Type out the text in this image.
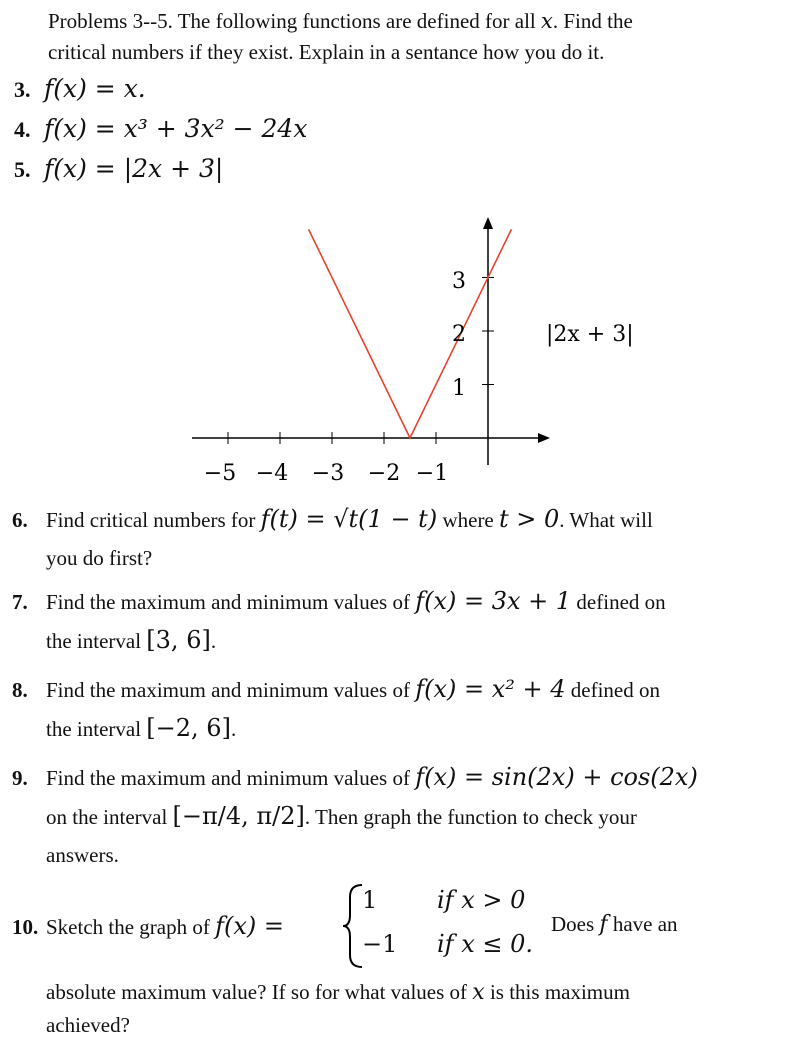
Problems 3--5. The following functions are defined for all x. Find the
critical numbers if they exist. Explain in a sentance how you do it.
3. f(x) = x.
4. f(x) = x³ + 3x² − 24x
5. f(x) = |2x + 3|
−5 −4 −3 −2 −1
1
2
3
|2x + 3|
6. Find critical numbers for f(t) = √t(1 − t) where t > 0. What will
you do first?
7. Find the maximum and minimum values of f(x) = 3x + 1 defined on
the interval [3, 6].
8. Find the maximum and minimum values of f(x) = x² + 4 defined on
the interval [−2, 6].
9. Find the maximum and minimum values of f(x) = sin(2x) + cos(2x)
on the interval [−π/4, π/2]. Then graph the function to check your
answers.
10. Sketch the graph of f(x) =
1 if x > 0
−1 if x ≤ 0.
Does f have an
absolute maximum value? If so for what values of x is this maximum
achieved?
